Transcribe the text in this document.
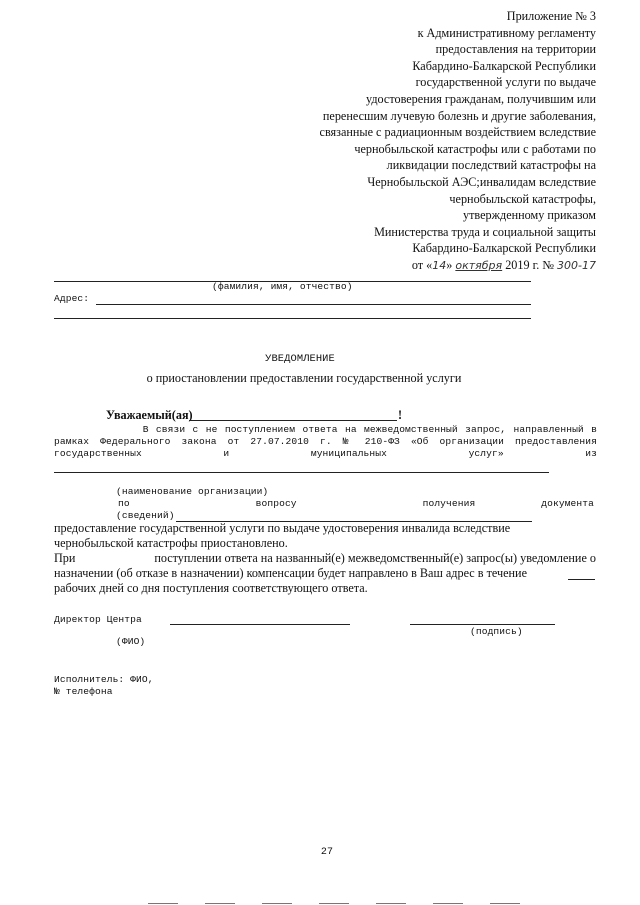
Приложение № 3
к Административному регламенту
предоставления на территории
Кабардино-Балкарской Республики
государственной услуги по выдаче
удостоверения гражданам, получившим или
перенесшим лучевую болезнь и другие заболевания,
связанные с радиационным воздействием вследствие
чернобыльской катастрофы или с работами по
ликвидации последствий катастрофы на
Чернобыльской АЭС;инвалидам вследствие
чернобыльской катастрофы,
утвержденному приказом
Министерства труда и социальной защиты
Кабардино-Балкарской Республики
от «14» октября 2019 г. № 300-17
(фамилия, имя, отчество)
Адрес:
УВЕДОМЛЕНИЕ
о приостановлении предоставлении государственной услуги
Уважаемый(ая)	!
В связи с не поступлением ответа на межведомственный запрос, направленный в
рамках Федерального закона от 27.07.2010 г. № 210-ФЗ «Об организации предоставления
государственных	и	муниципальных	услуг»	из
(наименование организации)
по	вопросу	получения	документа
(сведений)
предоставление государственной услуги по выдаче удостоверения инвалида вследствие
чернобыльской катастрофы приостановлено.
При	поступлении ответа на названный(е) межведомственный(е) запрос(ы) уведомление о
назначении (об отказе в назначении) компенсации будет направлено в Ваш адрес в течение
рабочих дней со дня поступления соответствующего ответа.
Директор Центра
(подпись)
(ФИО)
Исполнитель: ФИО,
№ телефона
27
